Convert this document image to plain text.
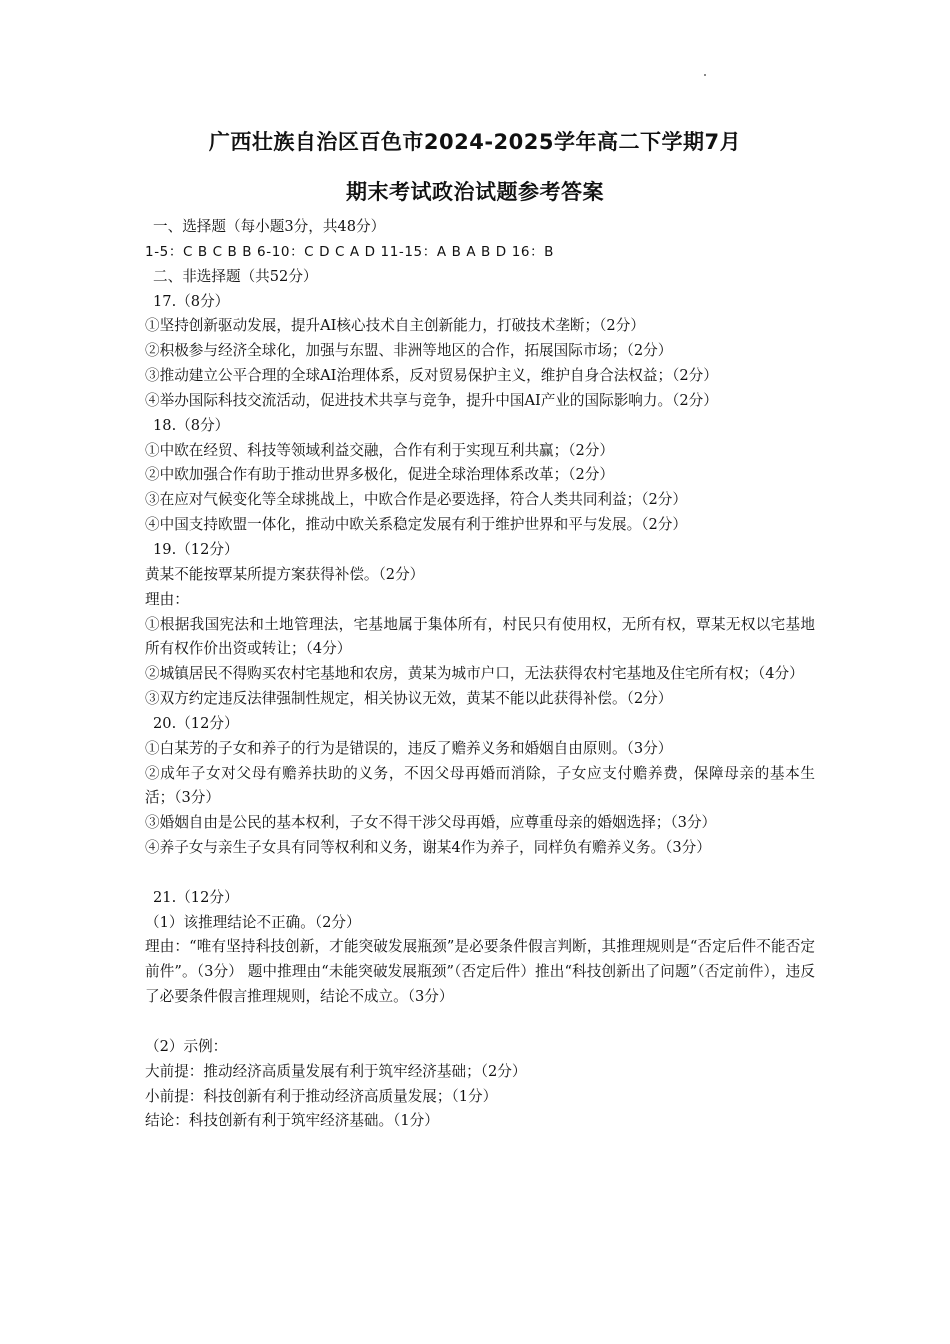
广西壮族自治区百色市2024-2025学年高二下学期7月
期末考试政治试题参考答案
一、选择题（每小题3分，共48分）
1-5：C B C B B 6-10：C D C A D 11-15：A B A B D 16：B
二、非选择题（共52分）
17.（8分）
①坚持创新驱动发展，提升AI核心技术自主创新能力，打破技术垄断；（2分）
②积极参与经济全球化，加强与东盟、非洲等地区的合作，拓展国际市场；（2分）
③推动建立公平合理的全球AI治理体系，反对贸易保护主义，维护自身合法权益；（2分）
④举办国际科技交流活动，促进技术共享与竞争，提升中国AI产业的国际影响力。（2分）
18.（8分）
①中欧在经贸、科技等领域利益交融，合作有利于实现互利共赢；（2分）
②中欧加强合作有助于推动世界多极化，促进全球治理体系改革；（2分）
③在应对气候变化等全球挑战上，中欧合作是必要选择，符合人类共同利益；（2分）
④中国支持欧盟一体化，推动中欧关系稳定发展有利于维护世界和平与发展。（2分）
19.（12分）
黄某不能按覃某所提方案获得补偿。（2分）
理由：
①根据我国宪法和土地管理法，宅基地属于集体所有，村民只有使用权，无所有权，覃某无权以宅基地所有权作价出资或转让；（4分）
②城镇居民不得购买农村宅基地和农房，黄某为城市户口，无法获得农村宅基地及住宅所有权；（4分）
③双方约定违反法律强制性规定，相关协议无效，黄某不能以此获得补偿。（2分）
20.（12分）
①白某芳的子女和养子的行为是错误的，违反了赡养义务和婚姻自由原则。（3分）
②成年子女对父母有赡养扶助的义务，不因父母再婚而消除，子女应支付赡养费，保障母亲的基本生活；（3分）
③婚姻自由是公民的基本权利，子女不得干涉父母再婚，应尊重母亲的婚姻选择；（3分）
④养子女与亲生子女具有同等权利和义务，谢某4作为养子，同样负有赡养义务。（3分）
21.（12分）
（1）该推理结论不正确。（2分）
理由：“唯有坚持科技创新，才能突破发展瓶颈”是必要条件假言判断，其推理规则是“否定后件不能否定前件”。（3分） 题中推理由“未能突破发展瓶颈”（否定后件）推出“科技创新出了问题”（否定前件），违反了必要条件假言推理规则，结论不成立。（3分）
（2）示例：
大前提：推动经济高质量发展有利于筑牢经济基础；（2分）
小前提：科技创新有利于推动经济高质量发展；（1分）
结论：科技创新有利于筑牢经济基础。（1分）
